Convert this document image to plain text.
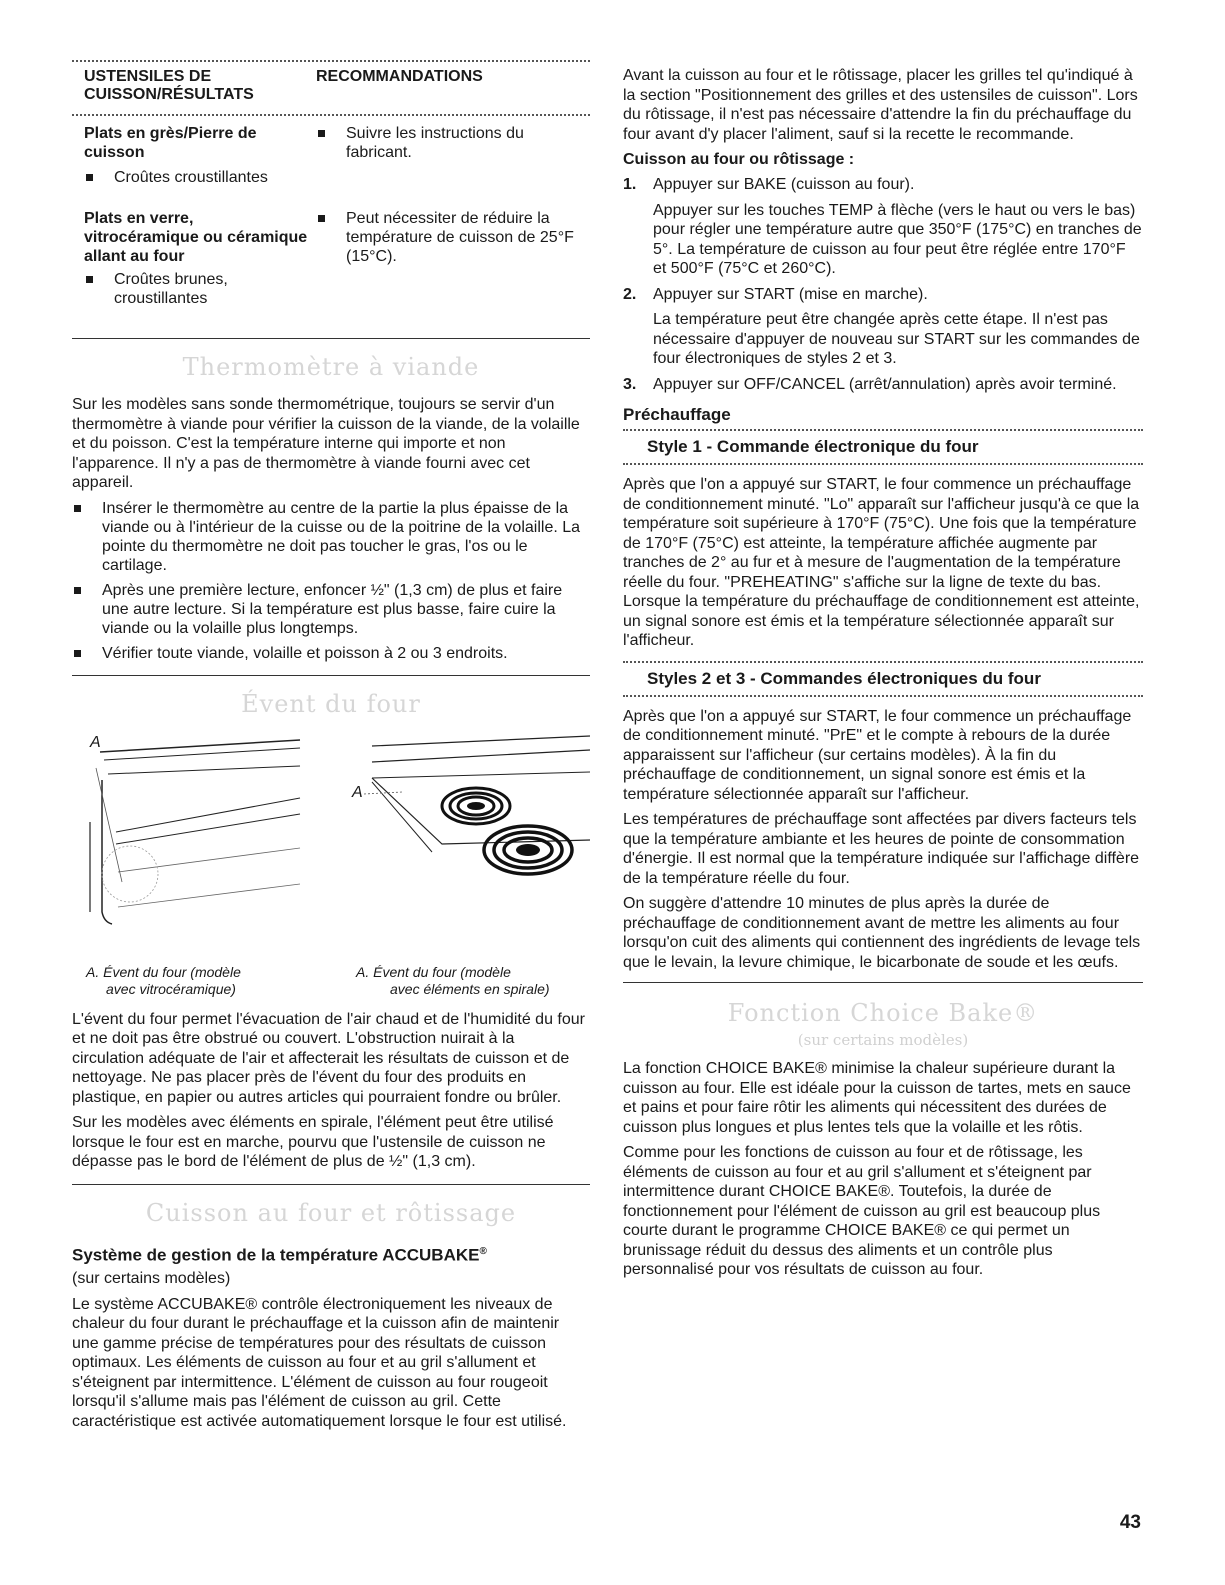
USTENSILES DE CUISSON/RÉSULTATS
RECOMMANDATIONS
Plats en grès/Pierre de cuisson
Croûtes croustillantes
Suivre les instructions du fabricant.
Plats en verre, vitrocéramique ou céramique allant au four
Croûtes brunes, croustillantes
Peut nécessiter de réduire la température de cuisson de 25°F (15°C).
Thermomètre à viande

Sur les modèles sans sonde thermométrique, toujours se servir d'un thermomètre à viande pour vérifier la cuisson de la viande, de la volaille et du poisson. C'est la température interne qui importe et non l'apparence. Il n'y a pas de thermomètre à viande fourni avec cet appareil.

Insérer le thermomètre au centre de la partie la plus épaisse de la viande ou à l'intérieur de la cuisse ou de la poitrine de la volaille. La pointe du thermomètre ne doit pas toucher le gras, l'os ou le cartilage.
Après une première lecture, enfoncer ½" (1,3 cm) de plus et faire une autre lecture. Si la température est plus basse, faire cuire la viande ou la volaille plus longtemps.
Vérifier toute viande, volaille et poisson à 2 ou 3 endroits.
Évent du four
A
A
A. Évent du four (modèle
avec vitrocéramique)
A. Évent du four (modèle
avec éléments en spirale)

L'évent du four permet l'évacuation de l'air chaud et de l'humidité du four et ne doit pas être obstrué ou couvert. L'obstruction nuirait à la circulation adéquate de l'air et affecterait les résultats de cuisson et de nettoyage. Ne pas placer près de l'évent du four des produits en plastique, en papier ou autres articles qui pourraient fondre ou brûler.

Sur les modèles avec éléments en spirale, l'élément peut être utilisé lorsque le four est en marche, pourvu que l'ustensile de cuisson ne dépasse pas le bord de l'élément de plus de ½" (1,3 cm).

Cuisson au four et rôtissage
Système de gestion de la température ACCUBAKE®

(sur certains modèles)

Le système ACCUBAKE® contrôle électroniquement les niveaux de chaleur du four durant le préchauffage et la cuisson afin de maintenir une gamme précise de températures pour des résultats de cuisson optimaux. Les éléments de cuisson au four et au gril s'allument et s'éteignent par intermittence. L'élément de cuisson au four rougeoit lorsqu'il s'allume mais pas l'élément de cuisson au gril. Cette caractéristique est activée automatiquement lorsque le four est utilisé.

Avant la cuisson au four et le rôtissage, placer les grilles tel qu'indiqué à la section "Positionnement des grilles et des ustensiles de cuisson". Lors du rôtissage, il n'est pas nécessaire d'attendre la fin du préchauffage du four avant d'y placer l'aliment, sauf si la recette le recommande.

Cuisson au four ou rôtissage :
1. Appuyer sur BAKE (cuisson au four).
Appuyer sur les touches TEMP à flèche (vers le haut ou vers le bas) pour régler une température autre que 350°F (175°C) en tranches de 5°. La température de cuisson au four peut être réglée entre 170°F et 500°F (75°C et 260°C).
2. Appuyer sur START (mise en marche).
La température peut être changée après cette étape. Il n'est pas nécessaire d'appuyer de nouveau sur START sur les commandes de four électroniques de styles 2 et 3.
3. Appuyer sur OFF/CANCEL (arrêt/annulation) après avoir terminé.
Préchauffage
Style 1 - Commande électronique du four

Après que l'on a appuyé sur START, le four commence un préchauffage de conditionnement minuté. "Lo" apparaît sur l'afficheur jusqu'à ce que la température soit supérieure à 170°F (75°C). Une fois que la température de 170°F (75°C) est atteinte, la température affichée augmente par tranches de 2° au fur et à mesure de l'augmentation de la température réelle du four. "PREHEATING" s'affiche sur la ligne de texte du bas. Lorsque la température du préchauffage de conditionnement est atteinte, un signal sonore est émis et la température sélectionnée apparaît sur l'afficheur.

Styles 2 et 3 - Commandes électroniques du four

Après que l'on a appuyé sur START, le four commence un préchauffage de conditionnement minuté. "PrE" et le compte à rebours de la durée apparaissent sur l'afficheur (sur certains modèles). À la fin du préchauffage de conditionnement, un signal sonore est émis et la température sélectionnée apparaît sur l'afficheur.

Les températures de préchauffage sont affectées par divers facteurs tels que la température ambiante et les heures de pointe de consommation d'énergie. Il est normal que la température indiquée sur l'affichage diffère de la température réelle du four.

On suggère d'attendre 10 minutes de plus après la durée de préchauffage de conditionnement avant de mettre les aliments au four lorsqu'on cuit des aliments qui contiennent des ingrédients de levage tels que le levain, la levure chimique, le bicarbonate de soude et les œufs.

Fonction Choice Bake®
(sur certains modèles)

La fonction CHOICE BAKE® minimise la chaleur supérieure durant la cuisson au four. Elle est idéale pour la cuisson de tartes, mets en sauce et pains et pour faire rôtir les aliments qui nécessitent des durées de cuisson plus longues et plus lentes tels que la volaille et les rôtis.

Comme pour les fonctions de cuisson au four et de rôtissage, les éléments de cuisson au four et au gril s'allument et s'éteignent par intermittence durant CHOICE BAKE®. Toutefois, la durée de fonctionnement pour l'élément de cuisson au gril est beaucoup plus courte durant le programme CHOICE BAKE® ce qui permet un brunissage réduit du dessus des aliments et un contrôle plus personnalisé pour vos résultats de cuisson au four.

43
